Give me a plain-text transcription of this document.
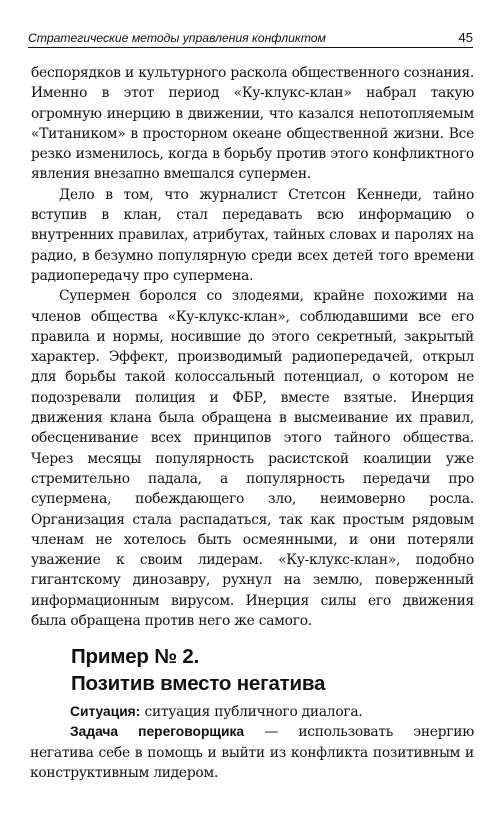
Стратегические методы управления конфликтом	45

беспорядков и культурного раскола общественного сознания. Именно в этот период «Ку-клукс-клан» набрал такую огромную инерцию в движении, что казался непотопляемым «Титаником» в просторном океане общественной жизни. Все резко изменилось, когда в борьбу против этого конфликтного явления внезапно вмешался супермен.

Дело в том, что журналист Стетсон Кеннеди, тайно вступив в клан, стал передавать всю информацию о внутренних правилах, атрибутах, тайных словах и паролях на радио, в безумно популярную среди всех детей того времени радиопередачу про супермена.

Супермен боролся со злодеями, крайне похожими на членов общества «Ку-клукс-клан», соблюдавшими все его правила и нормы, носившие до этого секретный, закрытый характер. Эффект, производимый радиопередачей, открыл для борьбы такой колоссальный потенциал, о котором не подозревали полиция и ФБР, вместе взятые. Инерция движения клана была обращена в высмеивание их правил, обесценивание всех принципов этого тайного общества. Через месяцы популярность расистской коалиции уже стремительно падала, а популярность передачи про супермена, побеждающего зло, неимоверно росла. Организация стала распадаться, так как простым рядовым членам не хотелось быть осмеянными, и они потеряли уважение к своим лидерам. «Ку-клукс-клан», подобно гигантскому динозавру, рухнул на землю, поверженный информационным вирусом. Инерция силы его движения была обращена против него же самого.

Пример № 2.
Позитив вместо негатива

Ситуация: ситуация публичного диалога.

Задача переговорщика — использовать энергию негатива себе в помощь и выйти из конфликта позитивным и конструктивным лидером.
